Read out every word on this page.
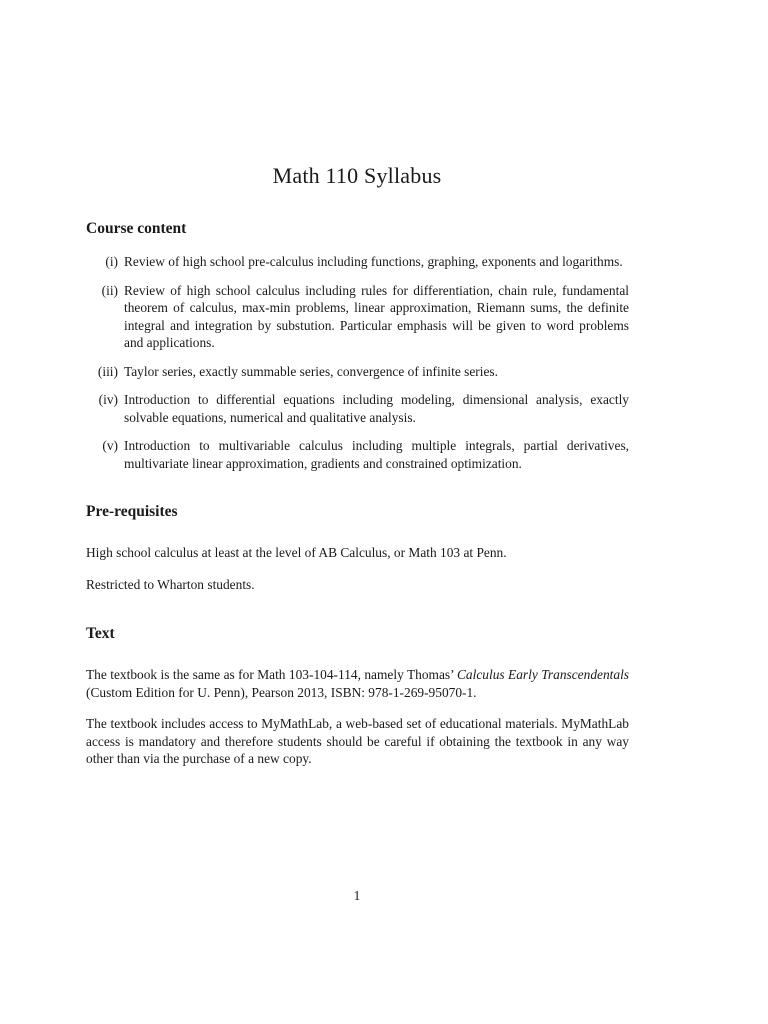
Math 110 Syllabus
Course content
(i) Review of high school pre-calculus including functions, graphing, exponents and logarithms.
(ii) Review of high school calculus including rules for differentiation, chain rule, fundamental theorem of calculus, max-min problems, linear approximation, Riemann sums, the definite integral and integration by substution. Particular emphasis will be given to word problems and applications.
(iii) Taylor series, exactly summable series, convergence of infinite series.
(iv) Introduction to differential equations including modeling, dimensional analysis, exactly solvable equations, numerical and qualitative analysis.
(v) Introduction to multivariable calculus including multiple integrals, partial derivatives, multivariate linear approximation, gradients and constrained optimization.
Pre-requisites

High school calculus at least at the level of AB Calculus, or Math 103 at Penn.

Restricted to Wharton students.

Text

The textbook is the same as for Math 103-104-114, namely Thomas’ Calculus Early Transcendentals (Custom Edition for U. Penn), Pearson 2013, ISBN: 978-1-269-95070-1.

The textbook includes access to MyMathLab, a web-based set of educational materials. MyMathLab access is mandatory and therefore students should be careful if obtaining the textbook in any way other than via the purchase of a new copy.

1
